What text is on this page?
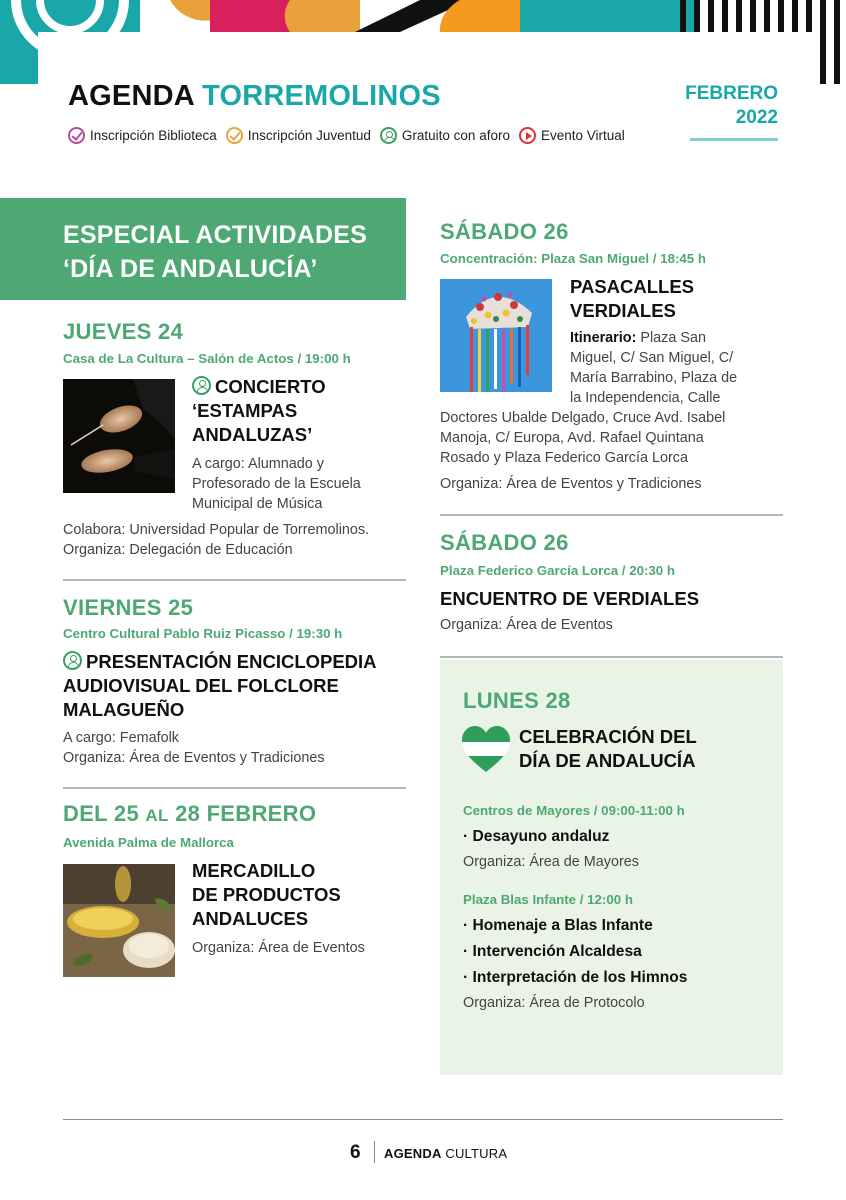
AGENDA TORREMOLINOS	FEBRERO
2022
Inscripción Biblioteca Inscripción Juventud Gratuito con aforo Evento Virtual
ESPECIAL ACTIVIDADES
‘DÍA DE ANDALUCÍA’
JUEVES 24
Casa de La Cultura – Salón de Actos / 19:00 h
CONCIERTO
‘ESTAMPAS
ANDALUZAS’
A cargo: Alumnado y
Profesorado de la Escuela
Municipal de Música
Colabora: Universidad Popular de Torremolinos.
Organiza: Delegación de Educación
VIERNES 25
Centro Cultural Pablo Ruiz Picasso / 19:30 h
PRESENTACIÓN ENCICLOPEDIA
AUDIOVISUAL DEL FOLCLORE
MALAGUEÑO
A cargo: Femafolk
Organiza: Área de Eventos y Tradiciones
DEL 25 AL 28 FEBRERO
Avenida Palma de Mallorca
MERCADILLO
DE PRODUCTOS
ANDALUCES
Organiza: Área de Eventos
SÁBADO 26
Concentración: Plaza San Miguel / 18:45 h
PASACALLES
VERDIALES
Itinerario: Plaza San
Miguel, C/ San Miguel, C/
María Barrabino, Plaza de
la Independencia, Calle
Doctores Ubalde Delgado, Cruce Avd. Isabel
Manoja, C/ Europa, Avd. Rafael Quintana
Rosado y Plaza Federico García Lorca
Organiza: Área de Eventos y Tradiciones
SÁBADO 26
Plaza Federico García Lorca / 20:30 h
ENCUENTRO DE VERDIALES
Organiza: Área de Eventos
LUNES 28
CELEBRACIÓN DEL
DÍA DE ANDALUCÍA
Centros de Mayores / 09:00-11:00 h
· Desayuno andaluz
Organiza: Área de Mayores
Plaza Blas Infante / 12:00 h
· Homenaje a Blas Infante
· Intervención Alcaldesa
· Interpretación de los Himnos
Organiza: Área de Protocolo
6 AGENDA CULTURA
